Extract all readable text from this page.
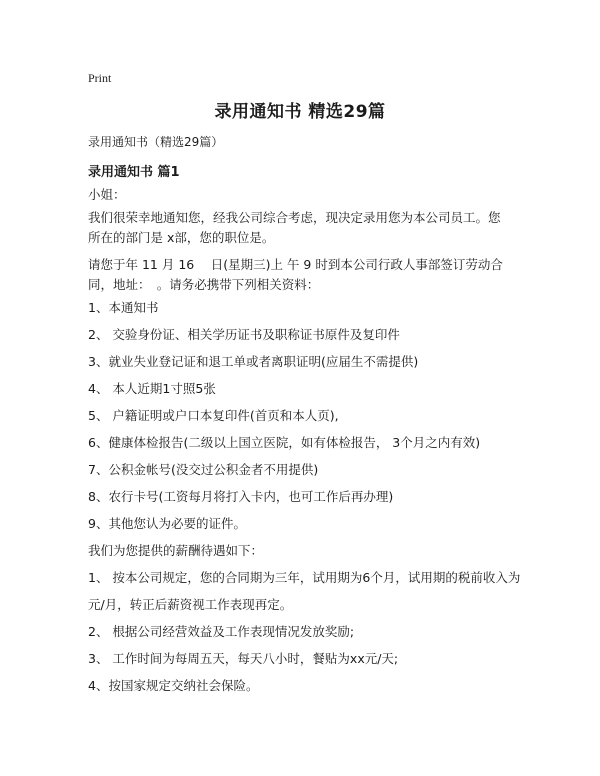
Print
录用通知书 精选29篇
录用通知书（精选29篇）
录用通知书 篇1
小姐：
我们很荣幸地通知您，经我公司综合考虑，现决定录用您为本公司员工。您所在的部门是 x部，您的职位是。
请您于年 11 月 16 　日(星期三)上 午 9 时到本公司行政人事部签订劳动合同，地址：　。请务必携带下列相关资料：
1、本通知书
2、 交验身份证、相关学历证书及职称证书原件及复印件
3、就业失业登记证和退工单或者离职证明(应届生不需提供)
4、 本人近期1寸照5张
5、 户籍证明或户口本复印件(首页和本人页),
6、健康体检报告(二级以上国立医院，如有体检报告， 3个月之内有效)
7、公积金帐号(没交过公积金者不用提供)
8、农行卡号(工资每月将打入卡内，也可工作后再办理)
9、其他您认为必要的证件。
我们为您提供的薪酬待遇如下：
1、 按本公司规定，您的合同期为三年，试用期为6个月，试用期的税前收入为
元/月，转正后薪资视工作表现再定。
2、 根据公司经营效益及工作表现情况发放奖励;
3、 工作时间为每周五天，每天八小时，餐贴为xx元/天;
4、按国家规定交纳社会保险。
